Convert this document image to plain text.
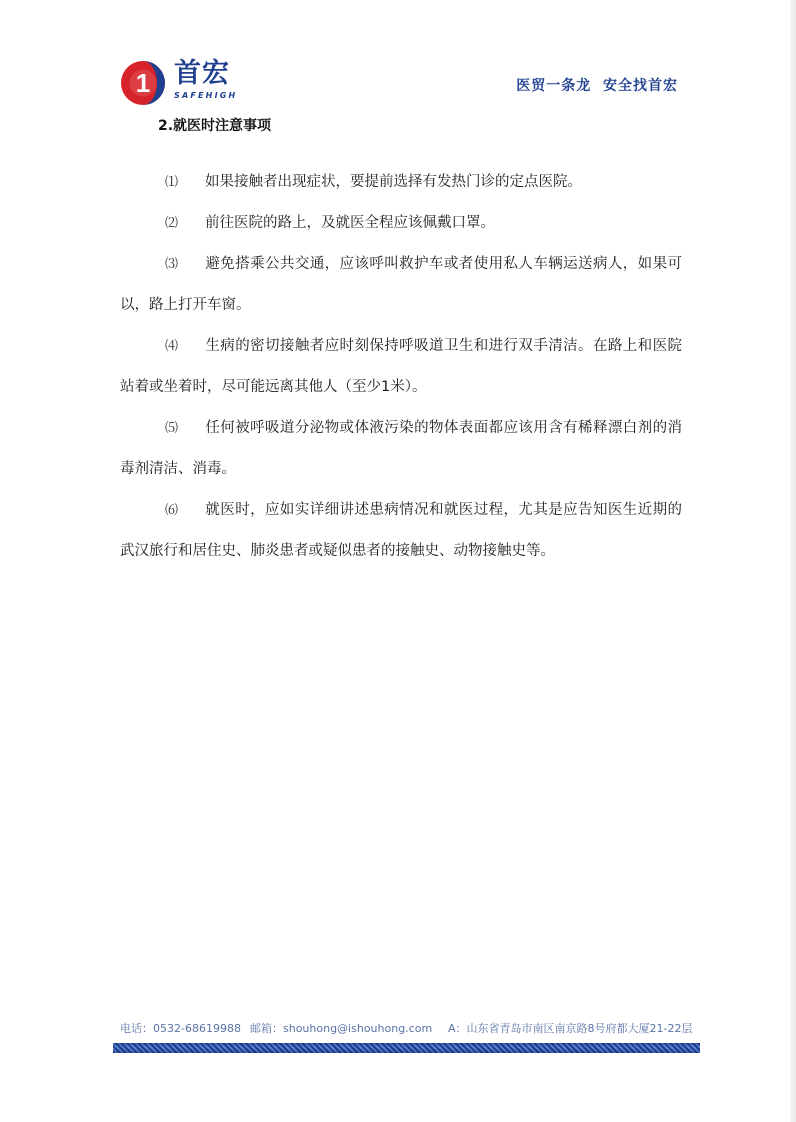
1 首宏
SAFEHIGH
医贸一条龙  安全找首宏
2.就医时注意事项

⑴ 如果接触者出现症状，要提前选择有发热门诊的定点医院。

⑵ 前往医院的路上，及就医全程应该佩戴口罩。

⑶ 避免搭乘公共交通，应该呼叫救护车或者使用私人车辆运送病人，如果可以，路上打开车窗。

⑷ 生病的密切接触者应时刻保持呼吸道卫生和进行双手清洁。在路上和医院站着或坐着时，尽可能远离其他人（至少1米）。

⑸ 任何被呼吸道分泌物或体液污染的物体表面都应该用含有稀释漂白剂的消毒剂清洁、消毒。

⑹ 就医时，应如实详细讲述患病情况和就医过程，尤其是应告知医生近期的武汉旅行和居住史、肺炎患者或疑似患者的接触史、动物接触史等。

电话：0532-68619988 邮箱：shouhong@ishouhong.com A：山东省青岛市南区南京路8号府都大厦21-22层
